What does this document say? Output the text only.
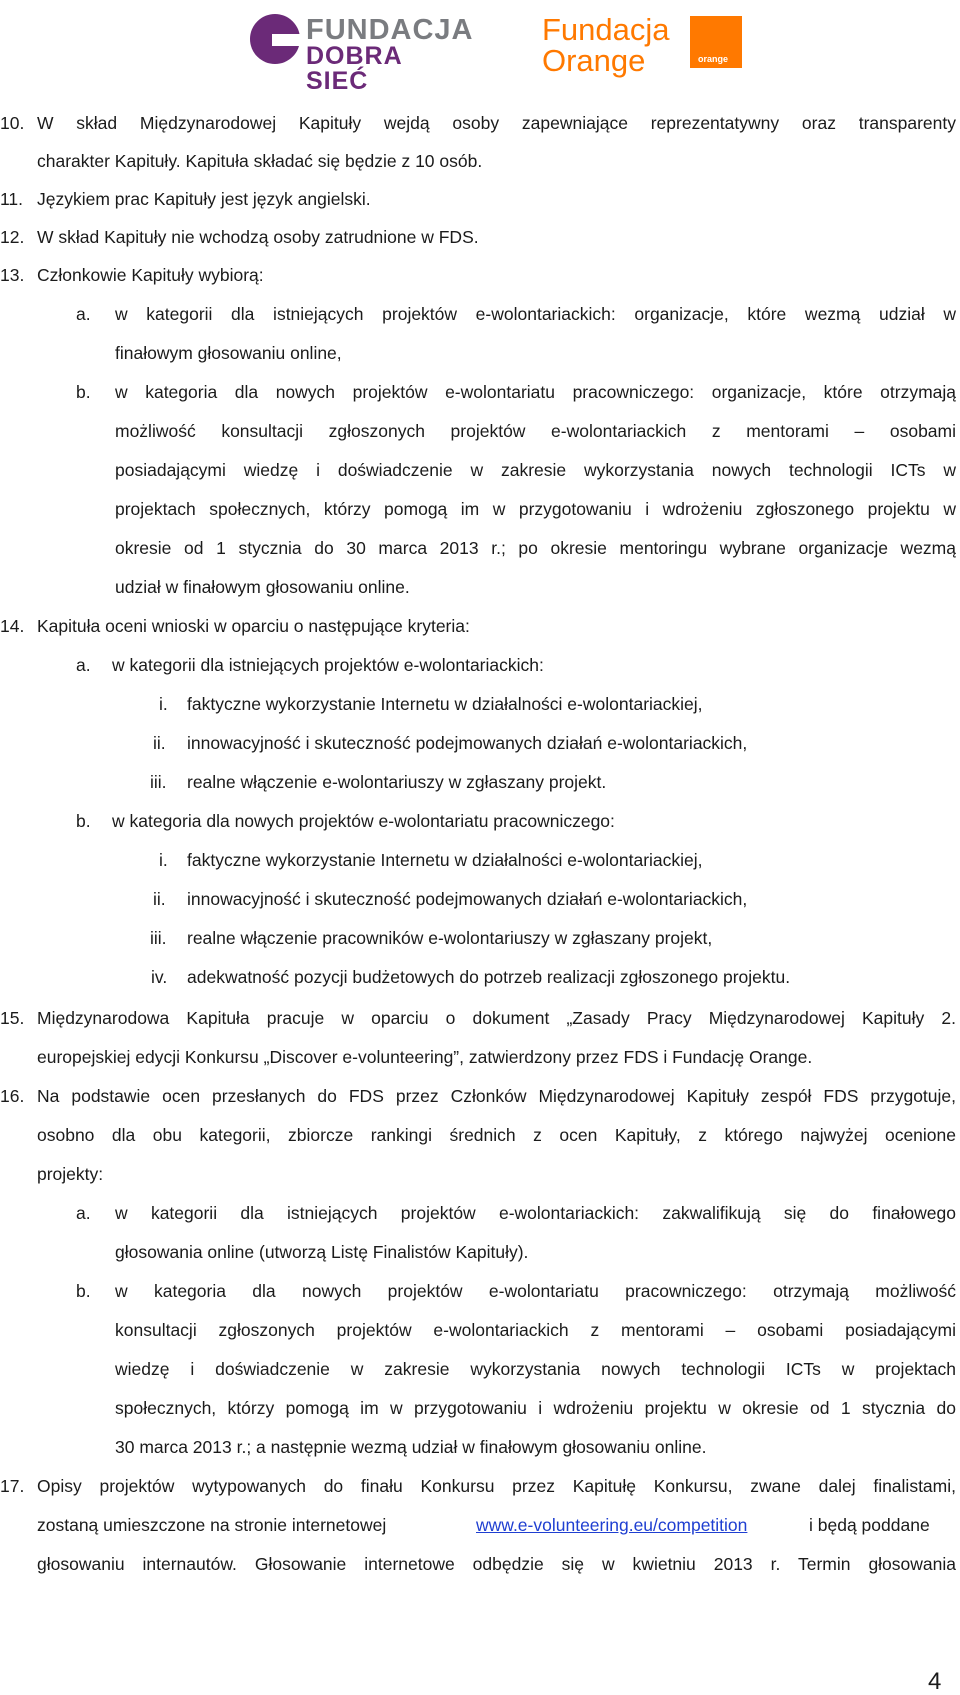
FUNDACJA
DOBRA SIEĆ
Fundacja
Orange	orange
10. W skład Międzynarodowej Kapituły wejdą osoby zapewniające reprezentatywny oraz transparenty
charakter Kapituły. Kapituła składać się będzie z 10 osób.
11. Językiem prac Kapituły jest język angielski.
12. W skład Kapituły nie wchodzą osoby zatrudnione w FDS.
13. Członkowie Kapituły wybiorą:
a. w kategorii dla istniejących projektów e-wolontariackich: organizacje, które wezmą udział w
finałowym głosowaniu online,
b. w kategoria dla nowych projektów e-wolontariatu pracowniczego: organizacje, które otrzymają
możliwość konsultacji zgłoszonych projektów e-wolontariackich z mentorami – osobami
posiadającymi wiedzę i doświadczenie w zakresie wykorzystania nowych technologii ICTs w
projektach społecznych, którzy pomogą im w przygotowaniu i wdrożeniu zgłoszonego projektu w
okresie od 1 stycznia do 30 marca 2013 r.; po okresie mentoringu wybrane organizacje wezmą
udział w finałowym głosowaniu online.
14. Kapituła oceni wnioski w oparciu o następujące kryteria:
a. w kategorii dla istniejących projektów e-wolontariackich:
i. faktyczne wykorzystanie Internetu w działalności e-wolontariackiej,
ii. innowacyjność i skuteczność podejmowanych działań e-wolontariackich,
iii. realne włączenie e-wolontariuszy w zgłaszany projekt.
b. w kategoria dla nowych projektów e-wolontariatu pracowniczego:
i. faktyczne wykorzystanie Internetu w działalności e-wolontariackiej,
ii. innowacyjność i skuteczność podejmowanych działań e-wolontariackich,
iii. realne włączenie pracowników e-wolontariuszy w zgłaszany projekt,
iv. adekwatność pozycji budżetowych do potrzeb realizacji zgłoszonego projektu.
15. Międzynarodowa Kapituła pracuje w oparciu o dokument „Zasady Pracy Międzynarodowej Kapituły 2.
europejskiej edycji Konkursu „Discover e-volunteering”, zatwierdzony przez FDS i Fundację Orange.
16. Na podstawie ocen przesłanych do FDS przez Członków Międzynarodowej Kapituły zespół FDS przygotuje,
osobno dla obu kategorii, zbiorcze rankingi średnich z ocen Kapituły, z którego najwyżej ocenione
projekty:
a. w kategorii dla istniejących projektów e-wolontariackich: zakwalifikują się do finałowego
głosowania online (utworzą Listę Finalistów Kapituły).
b. w kategoria dla nowych projektów e-wolontariatu pracowniczego: otrzymają możliwość
konsultacji zgłoszonych projektów e-wolontariackich z mentorami – osobami posiadającymi
wiedzę i doświadczenie w zakresie wykorzystania nowych technologii ICTs w projektach
społecznych, którzy pomogą im w przygotowaniu i wdrożeniu projektu w okresie od 1 stycznia do
30 marca 2013 r.; a następnie wezmą udział w finałowym głosowaniu online.
17. Opisy projektów wytypowanych do finału Konkursu przez Kapitułę Konkursu, zwane dalej finalistami,
zostaną umieszczone na stronie internetowej	www.e-volunteering.eu/competition	i będą poddane
głosowaniu internautów. Głosowanie internetowe odbędzie się w kwietniu 2013 r. Termin głosowania
4
